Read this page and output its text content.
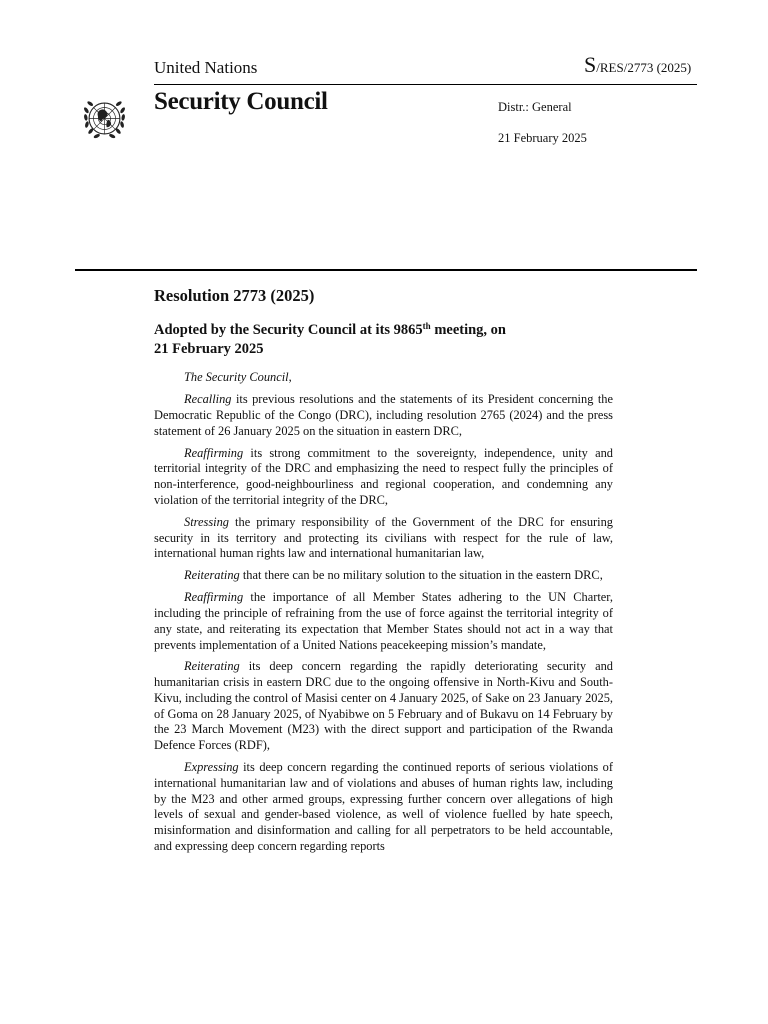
United Nations	S/RES/2773 (2025)
Security Council	Distr.: General
21 February 2025
Resolution 2773 (2025)
Adopted by the Security Council at its 9865th meeting, on
21 February 2025

The Security Council,

Recalling its previous resolutions and the statements of its President concerning the Democratic Republic of the Congo (DRC), including resolution 2765 (2024) and the press statement of 26 January 2025 on the situation in eastern DRC,

Reaffirming its strong commitment to the sovereignty, independence, unity and territorial integrity of the DRC and emphasizing the need to respect fully the principles of non-interference, good-neighbourliness and regional cooperation, and condemning any violation of the territorial integrity of the DRC,

Stressing the primary responsibility of the Government of the DRC for ensuring security in its territory and protecting its civilians with respect for the rule of law, international human rights law and international humanitarian law,

Reiterating that there can be no military solution to the situation in the eastern DRC,

Reaffirming the importance of all Member States adhering to the UN Charter, including the principle of refraining from the use of force against the territorial integrity of any state, and reiterating its expectation that Member States should not act in a way that prevents implementation of a United Nations peacekeeping mission’s mandate,

Reiterating its deep concern regarding the rapidly deteriorating security and humanitarian crisis in eastern DRC due to the ongoing offensive in North-Kivu and South-Kivu, including the control of Masisi center on 4 January 2025, of Sake on 23 January 2025, of Goma on 28 January 2025, of Nyabibwe on 5 February and of Bukavu on 14 February by the 23 March Movement (M23) with the direct support and participation of the Rwanda Defence Forces (RDF),

Expressing its deep concern regarding the continued reports of serious violations of international humanitarian law and of violations and abuses of human rights law, including by the M23 and other armed groups, expressing further concern over allegations of high levels of sexual and gender-based violence, as well of violence fuelled by hate speech, misinformation and disinformation and calling for all perpetrators to be held accountable, and expressing deep concern regarding reports
